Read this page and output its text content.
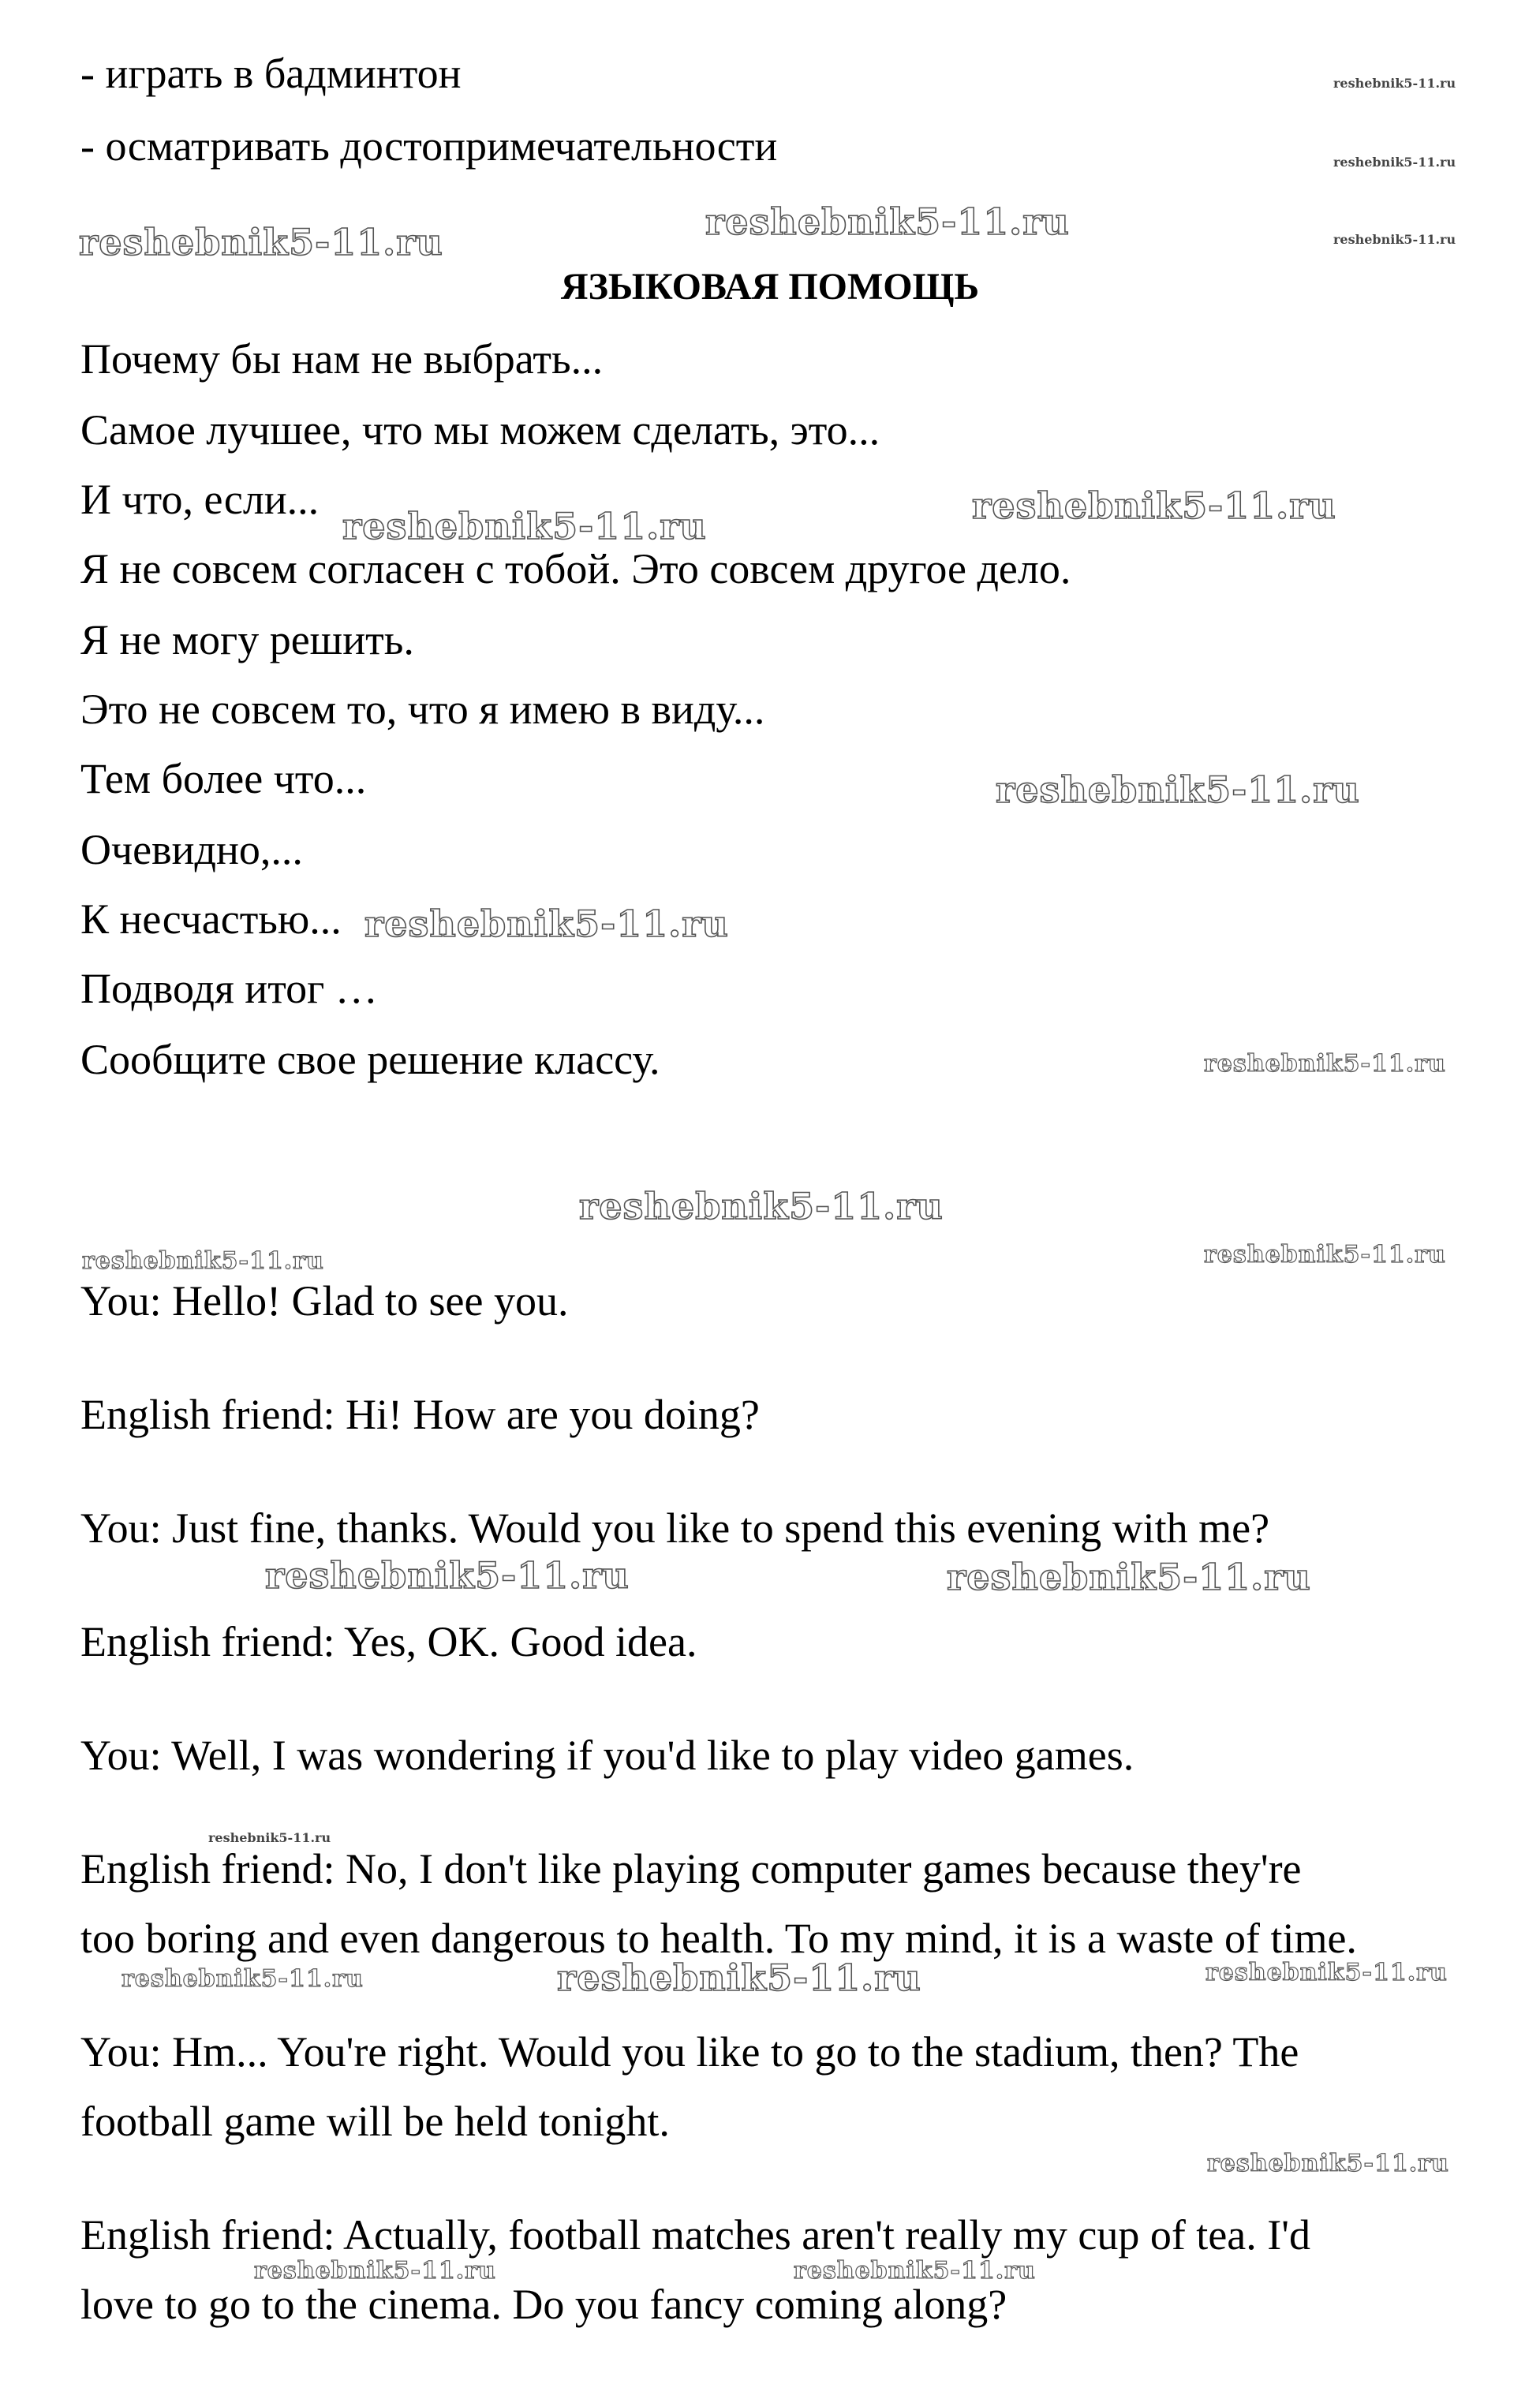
- играть в бадминтон
- осматривать достопримечательности
ЯЗЫКОВАЯ ПОМОЩЬ
Почему бы нам не выбрать...
Самое лучшее, что мы можем сделать, это...
И что, если...
Я не совсем согласен с тобой. Это совсем другое дело.
Я не могу решить.
Это не совсем то, что я имею в виду...
Тем более что...
Очевидно,...
К несчастью...
Подводя итог …
Сообщите свое решение классу.
You: Hello! Glad to see you.
English friend: Hi! How are you doing?
You: Just fine, thanks. Would you like to spend this evening with me?
English friend: Yes, OK. Good idea.
You: Well, I was wondering if you'd like to play video games.
English friend: No, I don't like playing computer games because they're
too boring and even dangerous to health. To my mind, it is a waste of time.
You: Hm... You're right. Would you like to go to the stadium, then? The
football game will be held tonight.
English friend: Actually, football matches aren't really my cup of tea. I'd
love to go to the cinema. Do you fancy coming along?
reshebnik5-11.ru
reshebnik5-11.ru
reshebnik5-11.ru
reshebnik5-11.ru	reshebnik5-11.ru
reshebnik5-11.ru	reshebnik5-11.ru
reshebnik5-11.ru
reshebnik5-11.ru
reshebnik5-11.ru
reshebnik5-11.ru
reshebnik5-11.ru	reshebnik5-11.ru
reshebnik5-11.ru	reshebnik5-11.ru
reshebnik5-11.ru
reshebnik5-11.ru	reshebnik5-11.ru	reshebnik5-11.ru
reshebnik5-11.ru
reshebnik5-11.ru	reshebnik5-11.ru
